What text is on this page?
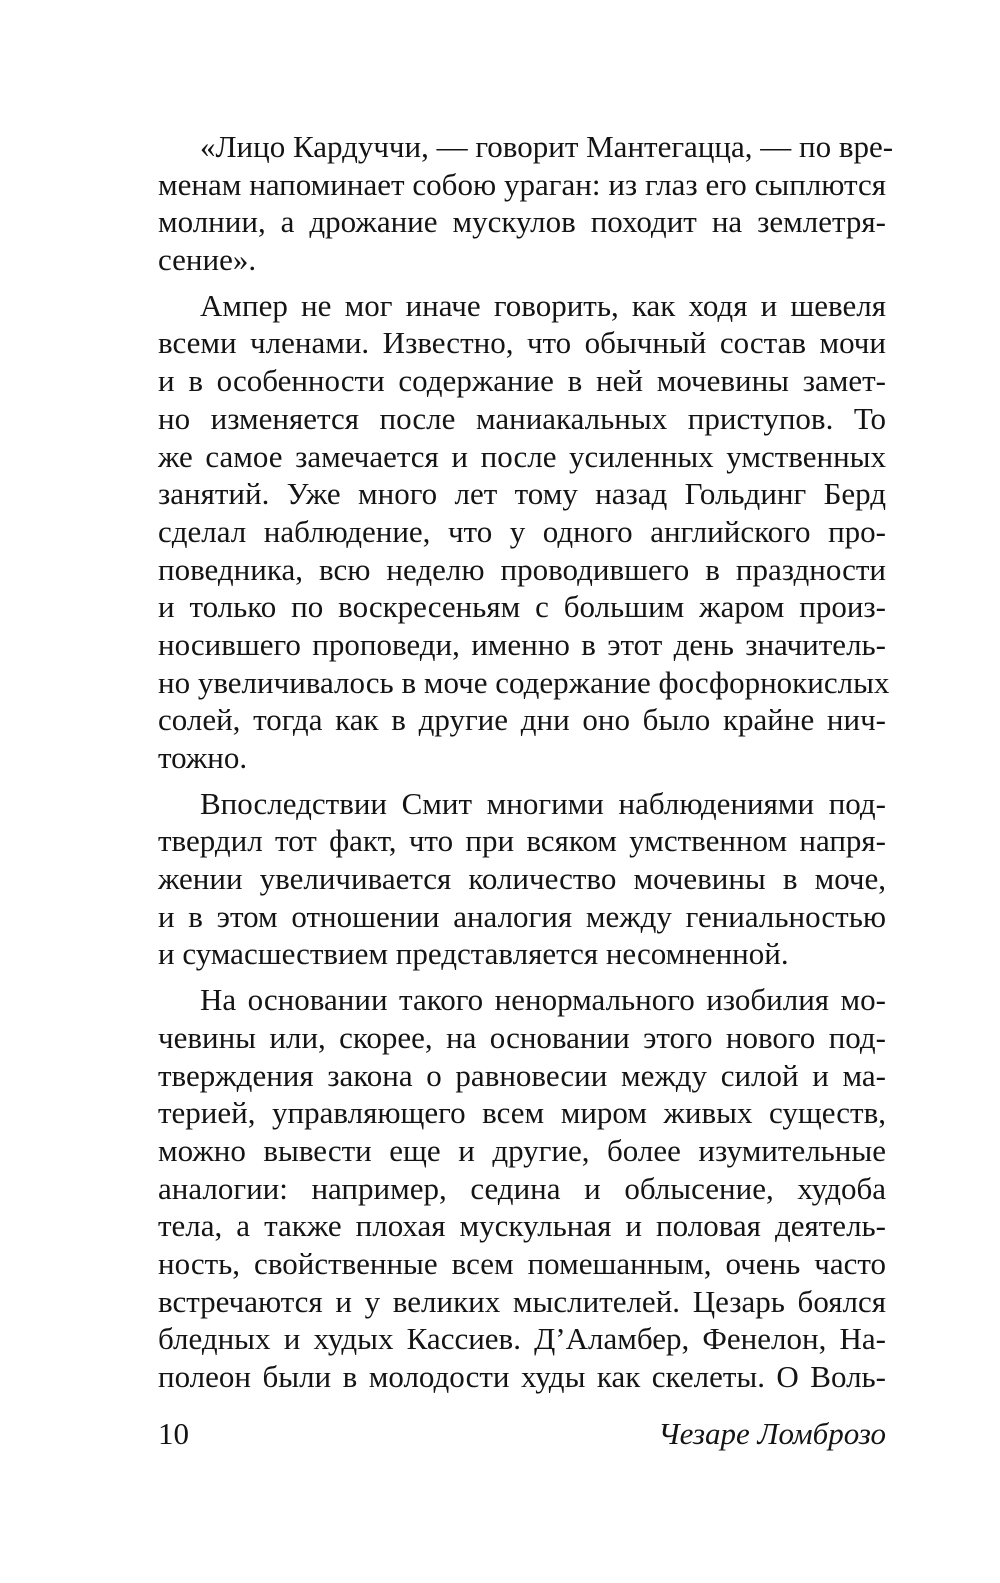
«Лицо Кардуччи, — говорит Мантегацца, — по вре-
менам напоминает собою ураган: из глаз его сыплются
молнии, а дрожание мускулов походит на землетря-
сение».

Ампер не мог иначе говорить, как ходя и шевеля
всеми членами. Известно, что обычный состав мочи
и в особенности содержание в ней мочевины замет-
но изменяется после маниакальных приступов. То
же самое замечается и после усиленных умственных
занятий. Уже много лет тому назад Гольдинг Берд
сделал наблюдение, что у одного английского про-
поведника, всю неделю проводившего в праздности
и только по воскресеньям с большим жаром произ-
носившего проповеди, именно в этот день значитель-
но увеличивалось в моче содержание фосфорнокислых
солей, тогда как в другие дни оно было крайне нич-
тожно.

Впоследствии Смит многими наблюдениями под-
твердил тот факт, что при всяком умственном напря-
жении увеличивается количество мочевины в моче,
и в этом отношении аналогия между гениальностью
и сумасшествием представляется несомненной.

На основании такого ненормального изобилия мо-
чевины или, скорее, на основании этого нового под-
тверждения закона о равновесии между силой и ма-
терией, управляющего всем миром живых существ,
можно вывести еще и другие, более изумительные
аналогии: например, седина и облысение, худоба
тела, а также плохая мускульная и половая деятель-
ность, свойственные всем помешанным, очень часто
встречаются и у великих мыслителей. Цезарь боялся
бледных и худых Кассиев. Д’Аламбер, Фенелон, На-
полеон были в молодости худы как скелеты. О Воль-

10	Чезаре Ломброзо
